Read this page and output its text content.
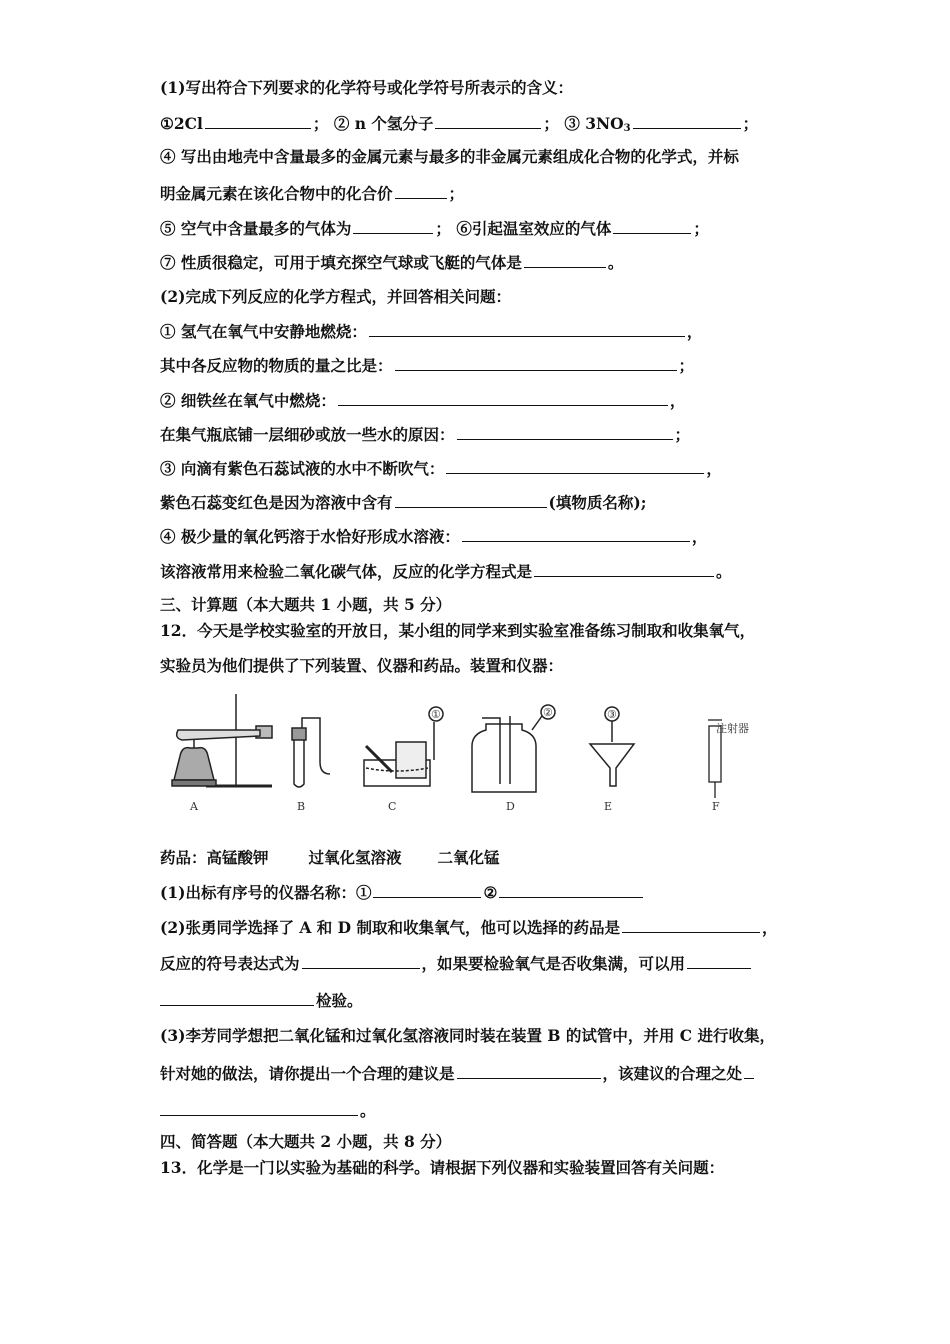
(1)写出符合下列要求的化学符号或化学符号所表示的含义：
①2Cl	； ② n 个氢分子	； ③ $3NO_3$	；
④ 写出由地壳中含量最多的金属元素与最多的非金属元素组成化合物的化学式，并标
明金属元素在该化合物中的化合价	；
⑤ 空气中含量最多的气体为	； ⑥引起温室效应的气体	；
⑦ 性质很稳定，可用于填充探空气球或飞艇的气体是	。
(2)完成下列反应的化学方程式，并回答相关问题：
① 氢气在氧气中安静地燃烧：	，
其中各反应物的物质的量之比是：	；
② 细铁丝在氧气中燃烧：	，
在集气瓶底铺一层细砂或放一些水的原因：	；
③ 向滴有紫色石蕊试液的水中不断吹气：	，
紫色石蕊变红色是因为溶液中含有	(填物质名称);
④ 极少量的氧化钙溶于水恰好形成水溶液：	，
该溶液常用来检验二氧化碳气体，反应的化学方程式是	。
三、计算题（本大题共 1 小题，共 5 分）
12．今天是学校实验室的开放日，某小组的同学来到实验室准备练习制取和收集氧气，
实验员为他们提供了下列装置、仪器和药品。装置和仪器：
A	B
①
C
②
D
③
E
注射器
F
药品：高锰酸钾	过氧化氢溶液 二氧化锰
(1)出标有序号的仪器名称：①	②
(2)张勇同学选择了 A 和 D 制取和收集氧气，他可以选择的药品是	，
反应的符号表达式为	，如果要检验氧气是否收集满，可以用
检验。
(3)李芳同学想把二氧化锰和过氧化氢溶液同时装在装置 B 的试管中，并用 C 进行收集，
针对她的做法，请你提出一个合理的建议是	，该建议的合理之处
。
四、简答题（本大题共 2 小题，共 8 分）
13．化学是一门以实验为基础的科学。请根据下列仪器和实验装置回答有关问题：
